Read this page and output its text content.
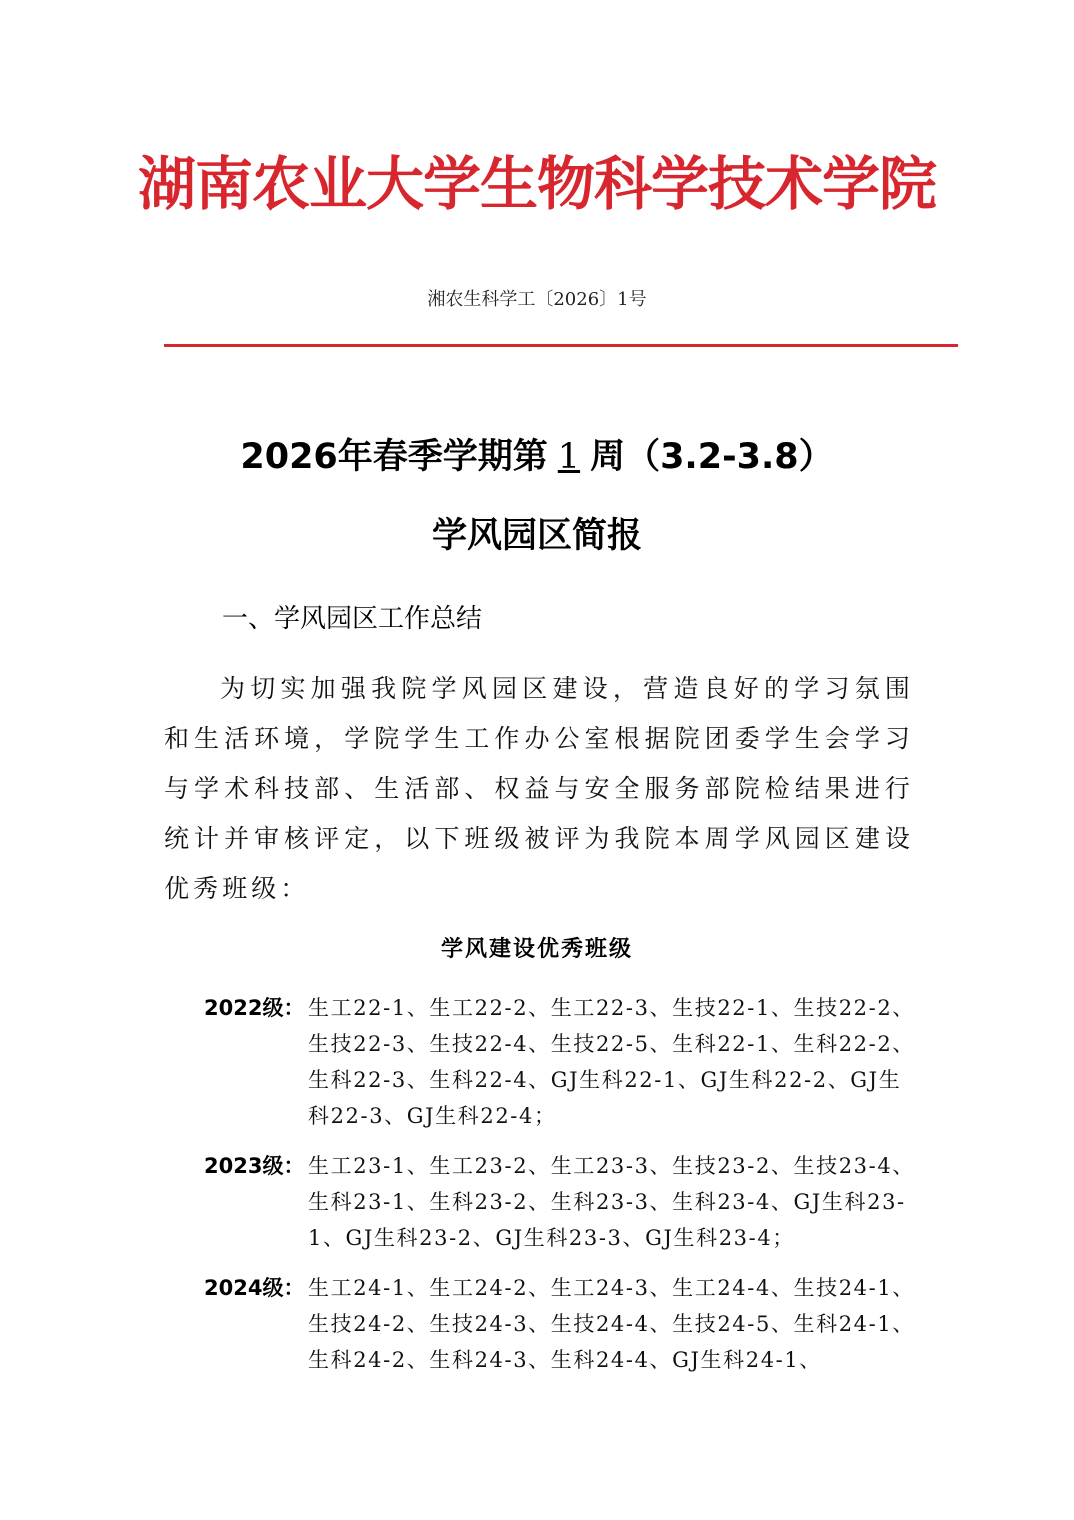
湖南农业大学生物科学技术学院
湘农生科学工〔2026〕1号
2026年春季学期第 1 周（3.2-3.8）
学风园区简报
一、学风园区工作总结
为切实加强我院学风园区建设，营造良好的学习氛围和生活环境，学院学生工作办公室根据院团委学生会学习与学术科技部、生活部、权益与安全服务部院检结果进行统计并审核评定，以下班级被评为我院本周学风园区建设优秀班级：
学风建设优秀班级
2022级： 生工22-1、生工22-2、生工22-3、生技22-1、生技22-2、生技22-3、生技22-4、生技22-5、生科22-1、生科22-2、生科22-3、生科22-4、GJ生科22-1、GJ生科22-2、GJ生科22-3、GJ生科22-4；
2023级： 生工23-1、生工23-2、生工23-3、生技23-2、生技23-4、生科23-1、生科23-2、生科23-3、生科23-4、GJ生科23-1、GJ生科23-2、GJ生科23-3、GJ生科23-4；
2024级： 生工24-1、生工24-2、生工24-3、生工24-4、生技24-1、生技24-2、生技24-3、生技24-4、生技24-5、生科24-1、生科24-2、生科24-3、生科24-4、GJ生科24-1、
